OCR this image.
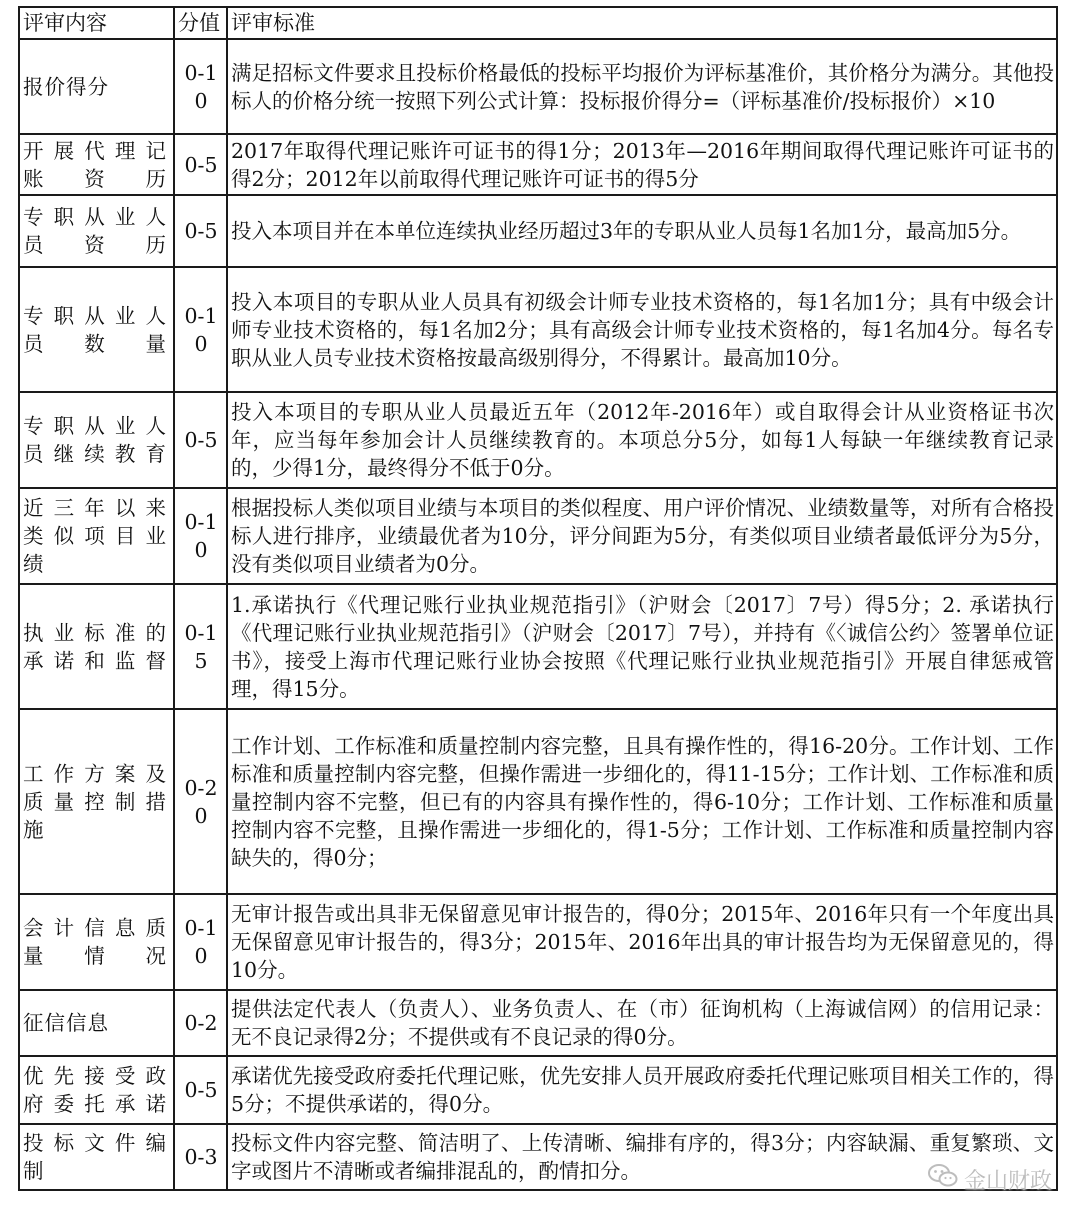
评审内容	分值	评审标准
报价得分	0-10	满足招标文件要求且投标价格最低的投标平均报价为评标基准价，其价格分为满分。其他投标人的价格分统一按照下列公式计算：投标报价得分=（评标基准价/投标报价）×10
开展代理记账资历	0-5	2017年取得代理记账许可证书的得1分；2013年—2016年期间取得代理记账许可证书的得2分；2012年以前取得代理记账许可证书的得5分
专职从业人员资历	0-5	投入本项目并在本单位连续执业经历超过3年的专职从业人员每1名加1分，最高加5分。
专职从业人员数量	0-10	投入本项目的专职从业人员具有初级会计师专业技术资格的，每1名加1分；具有中级会计师专业技术资格的，每1名加2分；具有高级会计师专业技术资格的，每1名加4分。每名专职从业人员专业技术资格按最高级别得分，不得累计。最高加10分。
专职从业人员继续教育	0-5	投入本项目的专职从业人员最近五年（2012年-2016年）或自取得会计从业资格证书次年，应当每年参加会计人员继续教育的。本项总分5分，如每1人每缺一年继续教育记录的，少得1分，最终得分不低于0分。
近三年以来类似项目业绩	0-10	根据投标人类似项目业绩与本项目的类似程度、用户评价情况、业绩数量等，对所有合格投标人进行排序，业绩最优者为10分，评分间距为5分，有类似项目业绩者最低评分为5分，没有类似项目业绩者为0分。
执业标准的承诺和监督	0-15	1.承诺执行《代理记账行业执业规范指引》（沪财会〔2017〕7号）得5分；2. 承诺执行《代理记账行业执业规范指引》（沪财会〔2017〕7号），并持有《〈诚信公约〉签署单位证书》，接受上海市代理记账行业协会按照《代理记账行业执业规范指引》开展自律惩戒管理，得15分。
工作方案及质量控制措施	0-20	工作计划、工作标准和质量控制内容完整，且具有操作性的，得16-20分。工作计划、工作标准和质量控制内容完整，但操作需进一步细化的，得11-15分；工作计划、工作标准和质量控制内容不完整，但已有的内容具有操作性的，得6-10分；工作计划、工作标准和质量控制内容不完整，且操作需进一步细化的，得1-5分；工作计划、工作标准和质量控制内容缺失的，得0分；
会计信息质量情况	0-10	无审计报告或出具非无保留意见审计报告的，得0分；2015年、2016年只有一个年度出具无保留意见审计报告的，得3分；2015年、2016年出具的审计报告均为无保留意见的，得10分。
征信信息	0-2	提供法定代表人（负责人）、业务负责人、在（市）征询机构（上海诚信网）的信用记录：无不良记录得2分；不提供或有不良记录的得0分。
优先接受政府委托承诺	0-5	承诺优先接受政府委托代理记账，优先安排人员开展政府委托代理记账项目相关工作的，得5分；不提供承诺的，得0分。
投标文件编制	0-3	投标文件内容完整、简洁明了、上传清晰、编排有序的，得3分；内容缺漏、重复繁琐、文字或图片不清晰或者编排混乱的，酌情扣分。	金山财政
